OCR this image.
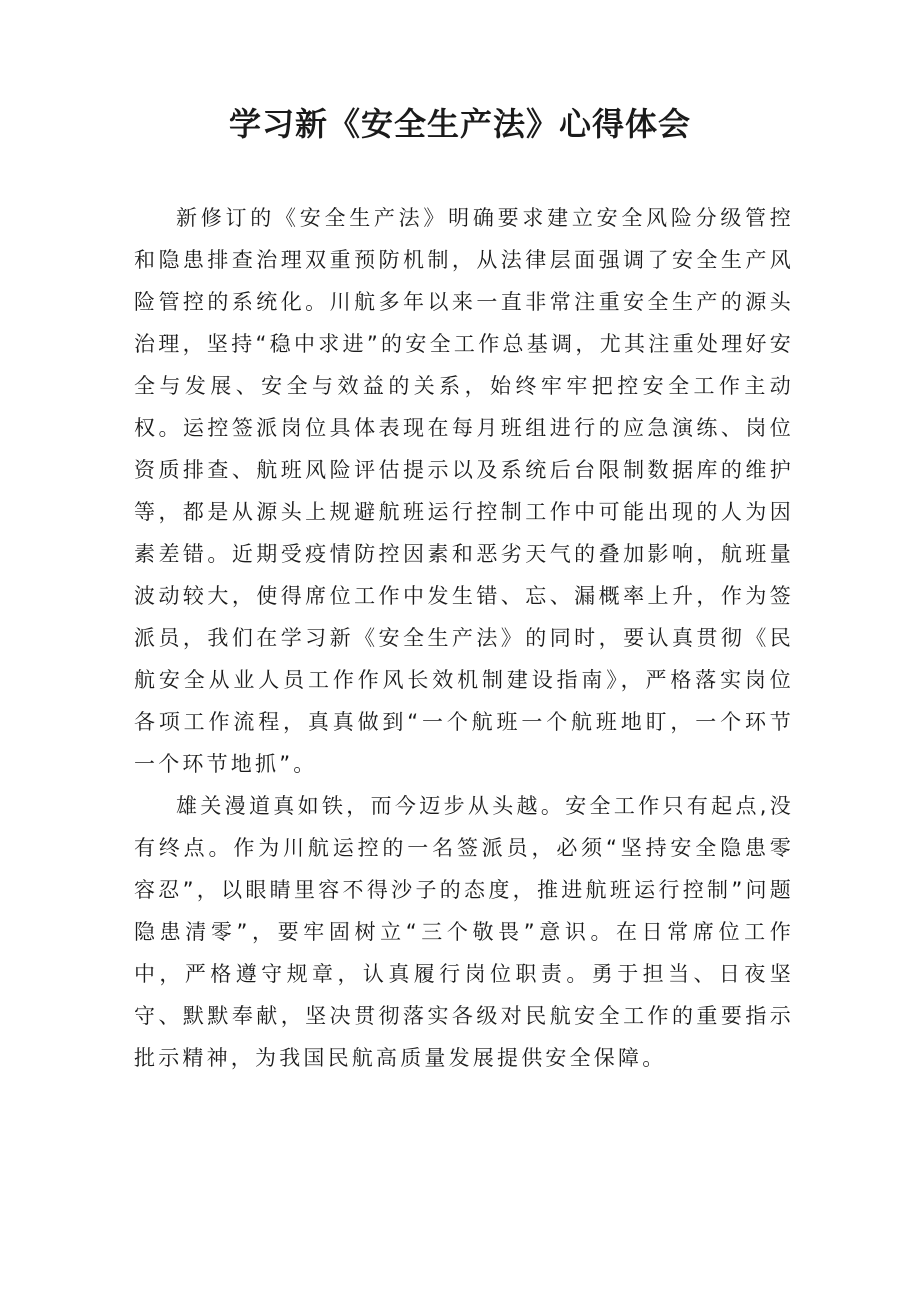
学习新《安全生产法》心得体会

新修订的《安全生产法》明确要求建立安全风险分级管控和隐患排查治理双重预防机制，从法律层面强调了安全生产风险管控的系统化。川航多年以来一直非常注重安全生产的源头治理，坚持“稳中求进”的安全工作总基调，尤其注重处理好安全与发展、安全与效益的关系，始终牢牢把控安全工作主动权。运控签派岗位具体表现在每月班组进行的应急演练、岗位资质排查、航班风险评估提示以及系统后台限制数据库的维护等，都是从源头上规避航班运行控制工作中可能出现的人为因素差错。近期受疫情防控因素和恶劣天气的叠加影响，航班量波动较大，使得席位工作中发生错、忘、漏概率上升，作为签派员，我们在学习新《安全生产法》的同时，要认真贯彻《民航安全从业人员工作作风长效机制建设指南》，严格落实岗位各项工作流程，真真做到“一个航班一个航班地盯，一个环节一个环节地抓”。

雄关漫道真如铁，而今迈步从头越。安全工作只有起点,没有终点。作为川航运控的一名签派员，必须“坚持安全隐患零容忍”，以眼睛里容不得沙子的态度，推进航班运行控制”问题隐患清零”，要牢固树立“三个敬畏”意识。在日常席位工作中，严格遵守规章，认真履行岗位职责。勇于担当、日夜坚守、默默奉献，坚决贯彻落实各级对民航安全工作的重要指示批示精神，为我国民航高质量发展提供安全保障。
